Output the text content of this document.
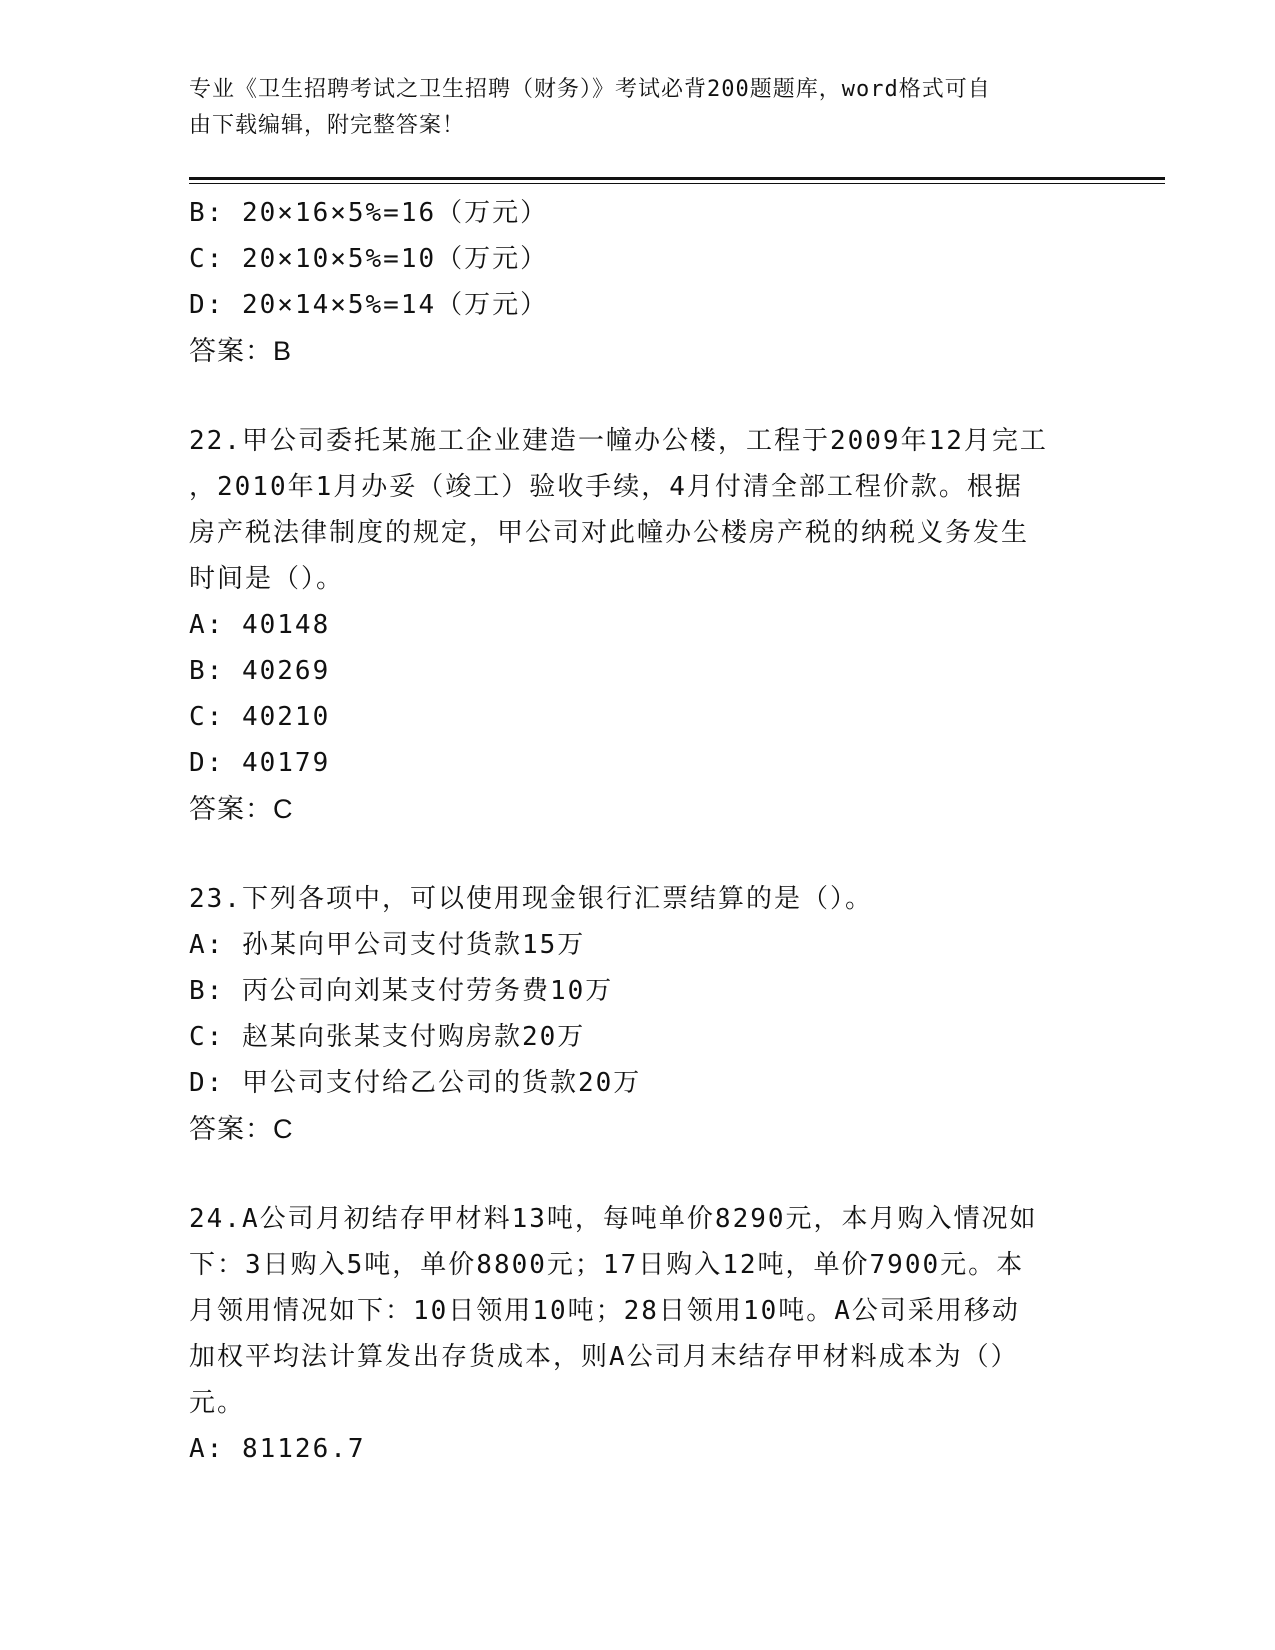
专业《卫生招聘考试之卫生招聘（财务）》考试必背200题题库，word格式可自
由下载编辑，附完整答案！
B: 20×16×5%=16（万元）
C: 20×10×5%=10（万元）
D: 20×14×5%=14（万元）
答案：B
22.甲公司委托某施工企业建造一幢办公楼，工程于2009年12月完工
，2010年1月办妥（竣工）验收手续，4月付清全部工程价款。根据
房产税法律制度的规定，甲公司对此幢办公楼房产税的纳税义务发生
时间是（）。
A: 40148
B: 40269
C: 40210
D: 40179
答案：C
23.下列各项中，可以使用现金银行汇票结算的是（）。
A: 孙某向甲公司支付货款15万
B: 丙公司向刘某支付劳务费10万
C: 赵某向张某支付购房款20万
D: 甲公司支付给乙公司的货款20万
答案：C
24.A公司月初结存甲材料13吨，每吨单价8290元，本月购入情况如
下：3日购入5吨，单价8800元；17日购入12吨，单价7900元。本
月领用情况如下：10日领用10吨；28日领用10吨。A公司采用移动
加权平均法计算发出存货成本，则A公司月末结存甲材料成本为（）
元。
A: 81126.7
